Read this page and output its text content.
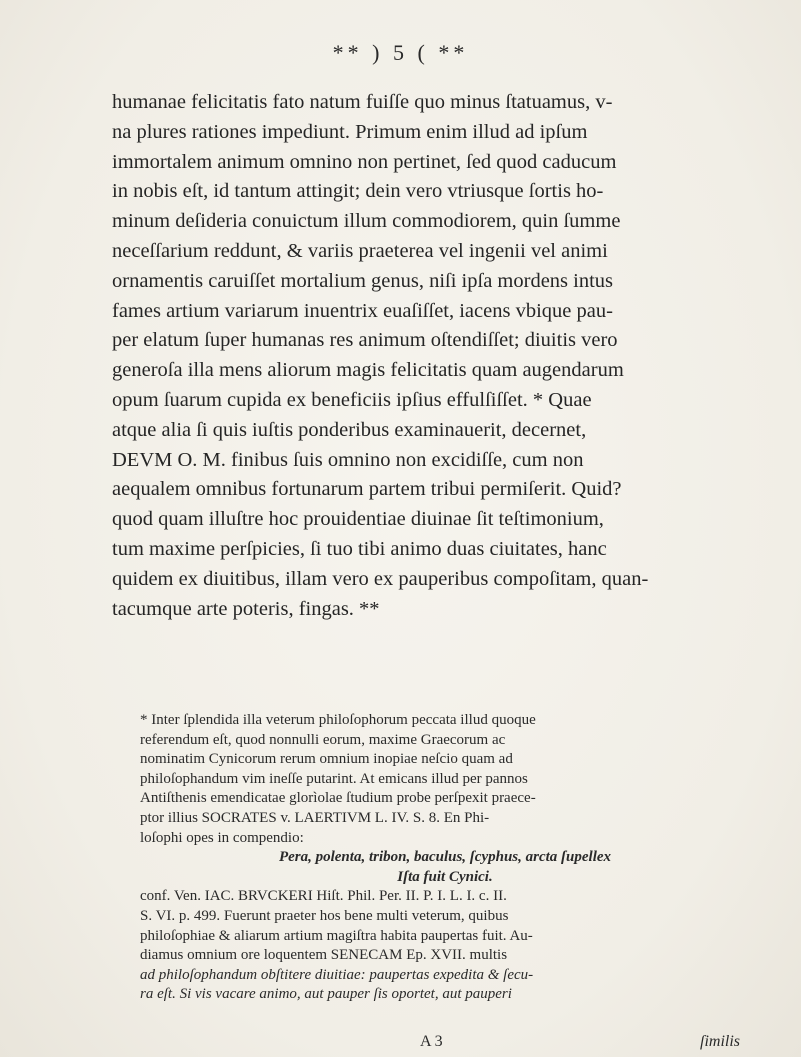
** ) 5 ( **
humanae felicitatis fato natum fuiſſe quo minus ſtatuamus, v-
na plures rationes impediunt. Primum enim illud ad ipſum
immortalem animum omnino non pertinet, ſed quod caducum
in nobis eſt, id tantum attingit; dein vero vtriusque ſortis ho-
minum deſideria conuictum illum commodiorem, quin ſumme
neceſſarium reddunt, & variis praeterea vel ingenii vel animi
ornamentis caruiſſet mortalium genus, niſi ipſa mordens intus
fames artium variarum inuentrix euaſiſſet, iacens vbique pau-
per elatum ſuper humanas res animum oſtendiſſet; diuitis vero
generoſa illa mens aliorum magis felicitatis quam augendarum
opum ſuarum cupida ex beneficiis ipſius effulſiſſet. * Quae
atque alia ſi quis iuſtis ponderibus examinauerit, decernet,
DEVM O. M. finibus ſuis omnino non excidiſſe, cum non
aequalem omnibus fortunarum partem tribui permiſerit. Quid?
quod quam illuſtre hoc prouidentiae diuinae ſit teſtimonium,
tum maxime perſpicies, ſi tuo tibi animo duas ciuitates, hanc
quidem ex diuitibus, illam vero ex pauperibus compoſitam, quan-
tacumque arte poteris, fingas. **
* Inter ſplendida illa veterum philoſophorum peccata illud quoque
referendum eſt, quod nonnulli eorum, maxime Graecorum ac
nominatim Cynicorum rerum omnium inopiae neſcio quam ad
philoſophandum vim ineſſe putarint. At emicans illud per pannos
Antiſthenis emendicatae glorìolae ſtudium probe perſpexit praece-
ptor illius SOCRATES v. LAERTIVM L. IV. S. 8. En Phi-
loſophi opes in compendio:
Pera, polenta, tribon, baculus, ſcyphus, arcta ſupellex
Iſta fuit Cynici.
conf. Ven. IAC. BRVCKERI Hiſt. Phil. Per. II. P. I. L. I. c. II.
S. VI. p. 499. Fuerunt praeter hos bene multi veterum, quibus
philoſophiae & aliarum artium magiſtra habita paupertas fuit. Au-
diamus omnium ore loquentem SENECAM Ep. XVII. multis
ad philoſophandum obſtitere diuitiae: paupertas expedita & ſecu-
ra eſt. Si vis vacare animo, aut pauper ſis oportet, aut pauperi
A 3	ſimilis
